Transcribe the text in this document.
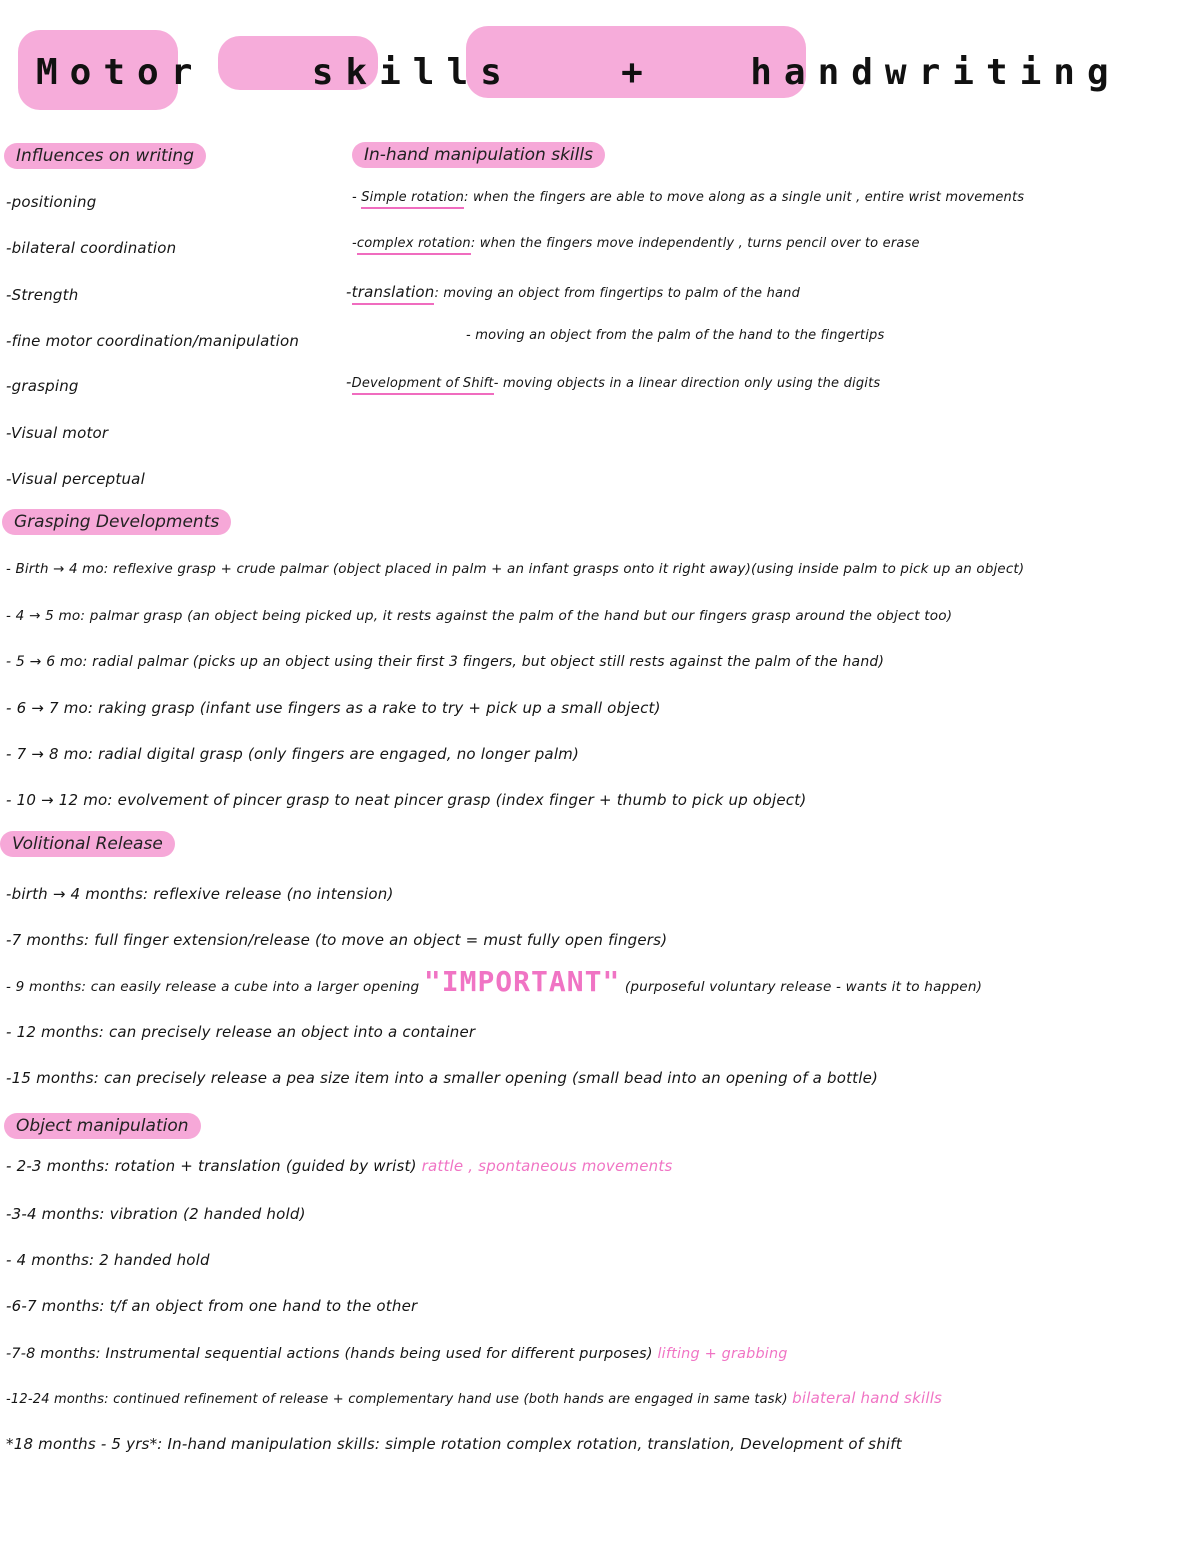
Motor	skills	+	handwriting
Influences on writing
-positioning
-bilateral coordination
-Strength
-fine motor coordination/manipulation
-grasping
-Visual motor
-Visual perceptual
In-hand manipulation skills
- Simple rotation: when the fingers are able to move along as a single unit , entire wrist movements
-complex rotation: when the fingers move independently , turns pencil over to erase
-translation: moving an object from fingertips to palm of the hand
- moving an object from the palm of the hand to the fingertips
-Development of Shift- moving objects in a linear direction only using the digits
Grasping Developments
- Birth → 4 mo: reflexive grasp + crude palmar (object placed in palm + an infant grasps onto it right away)(using inside palm to pick up an object)
- 4 → 5 mo: palmar grasp (an object being picked up, it rests against the palm of the hand but our fingers grasp around the object too)
- 5 → 6 mo: radial palmar (picks up an object using their first 3 fingers, but object still rests against the palm of the hand)
- 6 → 7 mo: raking grasp (infant use fingers as a rake to try + pick up a small object)
- 7 → 8 mo: radial digital grasp (only fingers are engaged, no longer palm)
- 10 → 12 mo: evolvement of pincer grasp to neat pincer grasp (index finger + thumb to pick up object)
Volitional Release
-birth → 4 months: reflexive release (no intension)
-7 months: full finger extension/release (to move an object = must fully open fingers)
- 9 months: can easily release a cube into a larger opening "IMPORTANT" (purposeful voluntary release - wants it to happen)
- 12 months: can precisely release an object into a container
-15 months: can precisely release a pea size item into a smaller opening (small bead into an opening of a bottle)
Object manipulation
- 2-3 months: rotation + translation (guided by wrist) rattle , spontaneous movements
-3-4 months: vibration (2 handed hold)
- 4 months: 2 handed hold
-6-7 months: t/f an object from one hand to the other
-7-8 months: Instrumental sequential actions (hands being used for different purposes) lifting + grabbing
-12-24 months: continued refinement of release + complementary hand use (both hands are engaged in same task) bilateral hand skills
*18 months - 5 yrs*: In-hand manipulation skills: simple rotation complex rotation, translation, Development of shift
